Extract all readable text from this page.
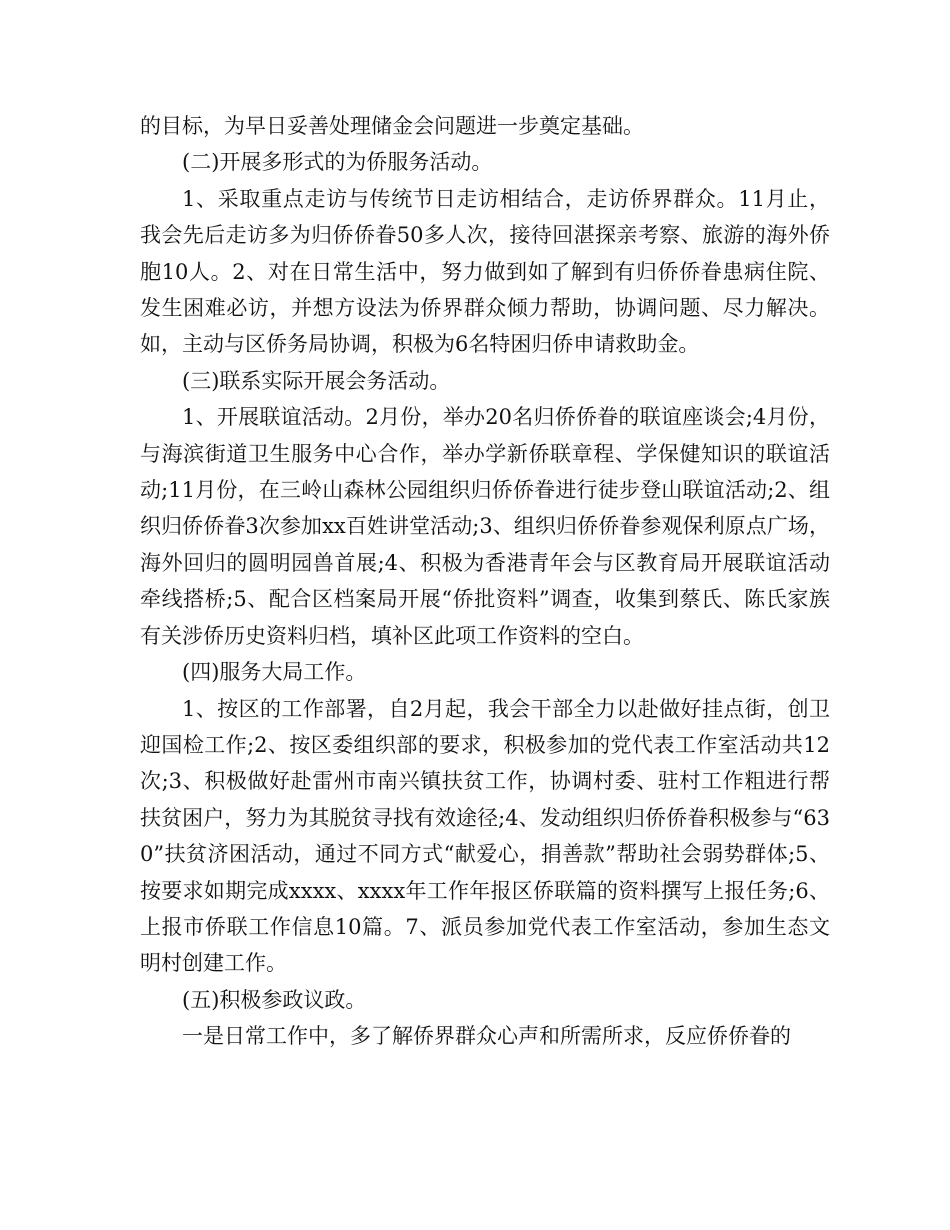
的目标，为早日妥善处理储金会问题进一步奠定基础。

(二)开展多形式的为侨服务活动。

1、采取重点走访与传统节日走访相结合，走访侨界群众。11月止，我会先后走访多为归侨侨眷50多人次，接待回湛探亲考察、旅游的海外侨胞10人。2、对在日常生活中，努力做到如了解到有归侨侨眷患病住院、发生困难必访，并想方设法为侨界群众倾力帮助，协调问题、尽力解决。如，主动与区侨务局协调，积极为6名特困归侨申请救助金。

(三)联系实际开展会务活动。

1、开展联谊活动。2月份，举办20名归侨侨眷的联谊座谈会;4月份，与海滨街道卫生服务中心合作，举办学新侨联章程、学保健知识的联谊活动;11月份，在三岭山森林公园组织归侨侨眷进行徒步登山联谊活动;2、组织归侨侨眷3次参加xx百姓讲堂活动;3、组织归侨侨眷参观保利原点广场，海外回归的圆明园兽首展;4、积极为香港青年会与区教育局开展联谊活动牵线搭桥;5、配合区档案局开展“侨批资料”调查，收集到蔡氏、陈氏家族有关涉侨历史资料归档，填补区此项工作资料的空白。

(四)服务大局工作。

1、按区的工作部署，自2月起，我会干部全力以赴做好挂点街，创卫迎国检工作;2、按区委组织部的要求，积极参加的党代表工作室活动共12次;3、积极做好赴雷州市南兴镇扶贫工作，协调村委、驻村工作粗进行帮扶贫困户，努力为其脱贫寻找有效途径;4、发动组织归侨侨眷积极参与“630”扶贫济困活动，通过不同方式“献爱心，捐善款”帮助社会弱势群体;5、按要求如期完成xxxx、xxxx年工作年报区侨联篇的资料撰写上报任务;6、上报市侨联工作信息10篇。7、派员参加党代表工作室活动，参加生态文明村创建工作。

(五)积极参政议政。

一是日常工作中，多了解侨界群众心声和所需所求，反应侨侨眷的
